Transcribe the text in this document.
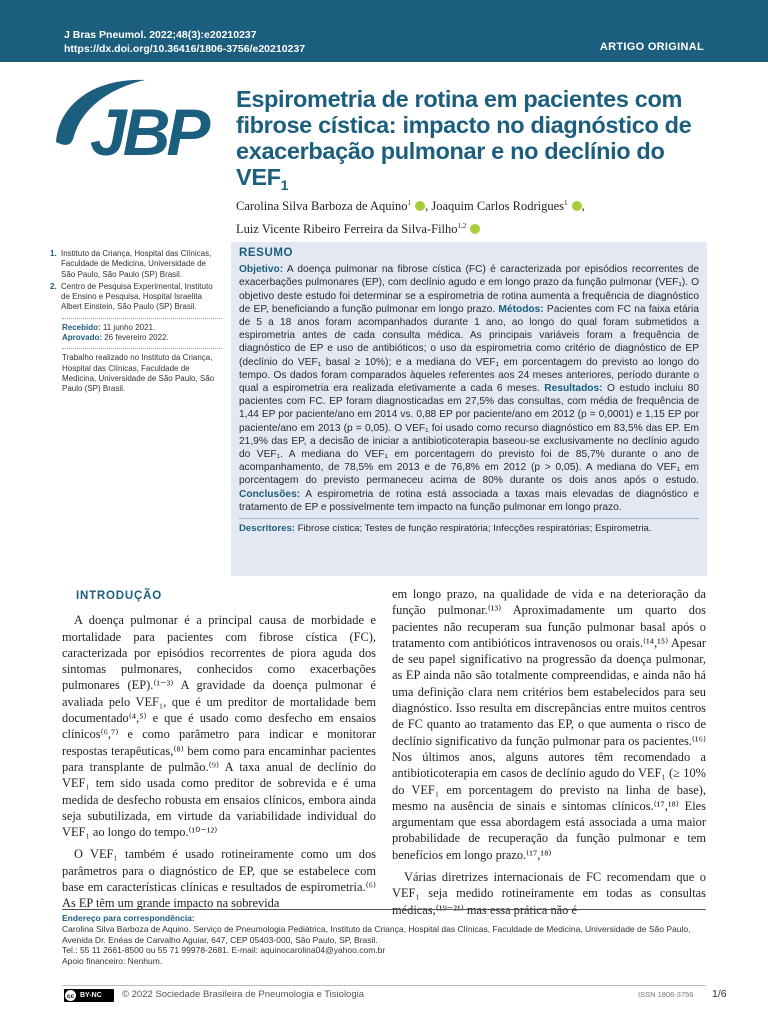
J Bras Pneumol. 2022;48(3):e20210237
https://dx.doi.org/10.36416/1806-3756/e20210237	ARTIGO ORIGINAL
JBP Espirometria de rotina em pacientes com fibrose cística: impacto no diagnóstico de exacerbação pulmonar e no declínio do $VEF_1$
Carolina Silva Barboza de Aquino$^1$ , Joaquim Carlos Rodrigues$^1$ ,
Luiz Vicente Ribeiro Ferreira da Silva-Filho$^{1,2}$
1. Instituto da Criança, Hospital das Clínicas, Faculdade de Medicina, Universidade de São Paulo, São Paulo (SP) Brasil.
2. Centro de Pesquisa Experimental, Instituto de Ensino e Pesquisa, Hospital Israelita Albert Einstein, São Paulo (SP) Brasil.
Recebido: 11 junho 2021.
Aprovado: 26 fevereiro 2022.
Trabalho realizado no Instituto da Criança, Hospital das Clínicas, Faculdade de Medicina, Universidade de São Paulo, São Paulo (SP) Brasil.
RESUMO
Objetivo: A doença pulmonar na fibrose cística (FC) é caracterizada por episódios recorrentes de exacerbações pulmonares (EP), com declínio agudo e em longo prazo da função pulmonar (VEF₁). O objetivo deste estudo foi determinar se a espirometria de rotina aumenta a frequência de diagnóstico de EP, beneficiando a função pulmonar em longo prazo. Métodos: Pacientes com FC na faixa etária de 5 a 18 anos foram acompanhados durante 1 ano, ao longo do qual foram submetidos a espirometria antes de cada consulta médica. As principais variáveis foram a frequência de diagnóstico de EP e uso de antibióticos; o uso da espirometria como critério de diagnóstico de EP (declínio do VEF₁ basal ≥ 10%); e a mediana do VEF₁ em porcentagem do previsto ao longo do tempo. Os dados foram comparados àqueles referentes aos 24 meses anteriores, período durante o qual a espirometria era realizada eletivamente a cada 6 meses. Resultados: O estudo incluiu 80 pacientes com FC. EP foram diagnosticadas em 27,5% das consultas, com média de frequência de 1,44 EP por paciente/ano em 2014 vs. 0,88 EP por paciente/ano em 2012 (p = 0,0001) e 1,15 EP por paciente/ano em 2013 (p = 0,05). O VEF₁ foi usado como recurso diagnóstico em 83,5% das EP. Em 21,9% das EP, a decisão de iniciar a antibioticoterapia baseou-se exclusivamente no declínio agudo do VEF₁. A mediana do VEF₁ em porcentagem do previsto foi de 85,7% durante o ano de acompanhamento, de 78,5% em 2013 e de 76,8% em 2012 (p > 0,05). A mediana do VEF₁ em porcentagem do previsto permaneceu acima de 80% durante os dois anos após o estudo. Conclusões: A espirometria de rotina está associada a taxas mais elevadas de diagnóstico e tratamento de EP e possivelmente tem impacto na função pulmonar em longo prazo.
Descritores: Fibrose cística; Testes de função respiratória; Infecções respiratórias; Espirometria.
INTRODUÇÃO

A doença pulmonar é a principal causa de morbidade e mortalidade para pacientes com fibrose cística (FC), caracterizada por episódios recorrentes de piora aguda dos sintomas pulmonares, conhecidos como exacerbações pulmonares (EP).⁽¹⁻³⁾ A gravidade da doença pulmonar é avaliada pelo VEF₁, que é um preditor de mortalidade bem documentado⁽⁴,⁵⁾ e que é usado como desfecho em ensaios clínicos⁽⁶,⁷⁾ e como parâmetro para indicar e monitorar respostas terapêuticas,⁽⁸⁾ bem como para encaminhar pacientes para transplante de pulmão.⁽⁹⁾ A taxa anual de declínio do VEF₁ tem sido usada como preditor de sobrevida e é uma medida de desfecho robusta em ensaios clínicos, embora ainda seja subutilizada, em virtude da variabilidade individual do VEF₁ ao longo do tempo.⁽¹⁰⁻¹²⁾

O VEF₁ também é usado rotineiramente como um dos parâmetros para o diagnóstico de EP, que se estabelece com base em características clínicas e resultados de espirometria.⁽⁶⁾ As EP têm um grande impacto na sobrevida

em longo prazo, na qualidade de vida e na deterioração da função pulmonar.⁽¹³⁾ Aproximadamente um quarto dos pacientes não recuperam sua função pulmonar basal após o tratamento com antibióticos intravenosos ou orais.⁽¹⁴,¹⁵⁾ Apesar de seu papel significativo na progressão da doença pulmonar, as EP ainda não são totalmente compreendidas, e ainda não há uma definição clara nem critérios bem estabelecidos para seu diagnóstico. Isso resulta em discrepâncias entre muitos centros de FC quanto ao tratamento das EP, o que aumenta o risco de declínio significativo da função pulmonar para os pacientes.⁽¹⁶⁾ Nos últimos anos, alguns autores têm recomendado a antibioticoterapia em casos de declínio agudo do VEF₁ (≥ 10% do VEF₁ em porcentagem do previsto na linha de base), mesmo na ausência de sinais e sintomas clínicos.⁽¹⁷,¹⁸⁾ Eles argumentam que essa abordagem está associada a uma maior probabilidade de recuperação da função pulmonar e tem benefícios em longo prazo.⁽¹⁷,¹⁸⁾

Várias diretrizes internacionais de FC recomendam que o VEF₁ seja medido rotineiramente em todas as consultas médicas,⁽¹⁹⁻²¹⁾ mas essa prática não é

Endereço para correspondência:
Carolina Silva Barboza de Aquino. Serviço de Pneumologia Pediátrica, Instituto da Criança, Hospital das Clínicas, Faculdade de Medicina, Universidade de São Paulo, Avenida Dr. Enéas de Carvalho Aguiar, 647, CEP 05403-000, São Paulo, SP, Brasil.
Tel.: 55 11 2661-8500 ou 55 71 99978-2681. E-mail: aquinocarolina04@yahoo.com.br
Apoio financeiro: Nenhum.
cc BY-NC © 2022 Sociedade Brasileira de Pneumologia e Tisiologia	ISSN 1806-3756 1/6
